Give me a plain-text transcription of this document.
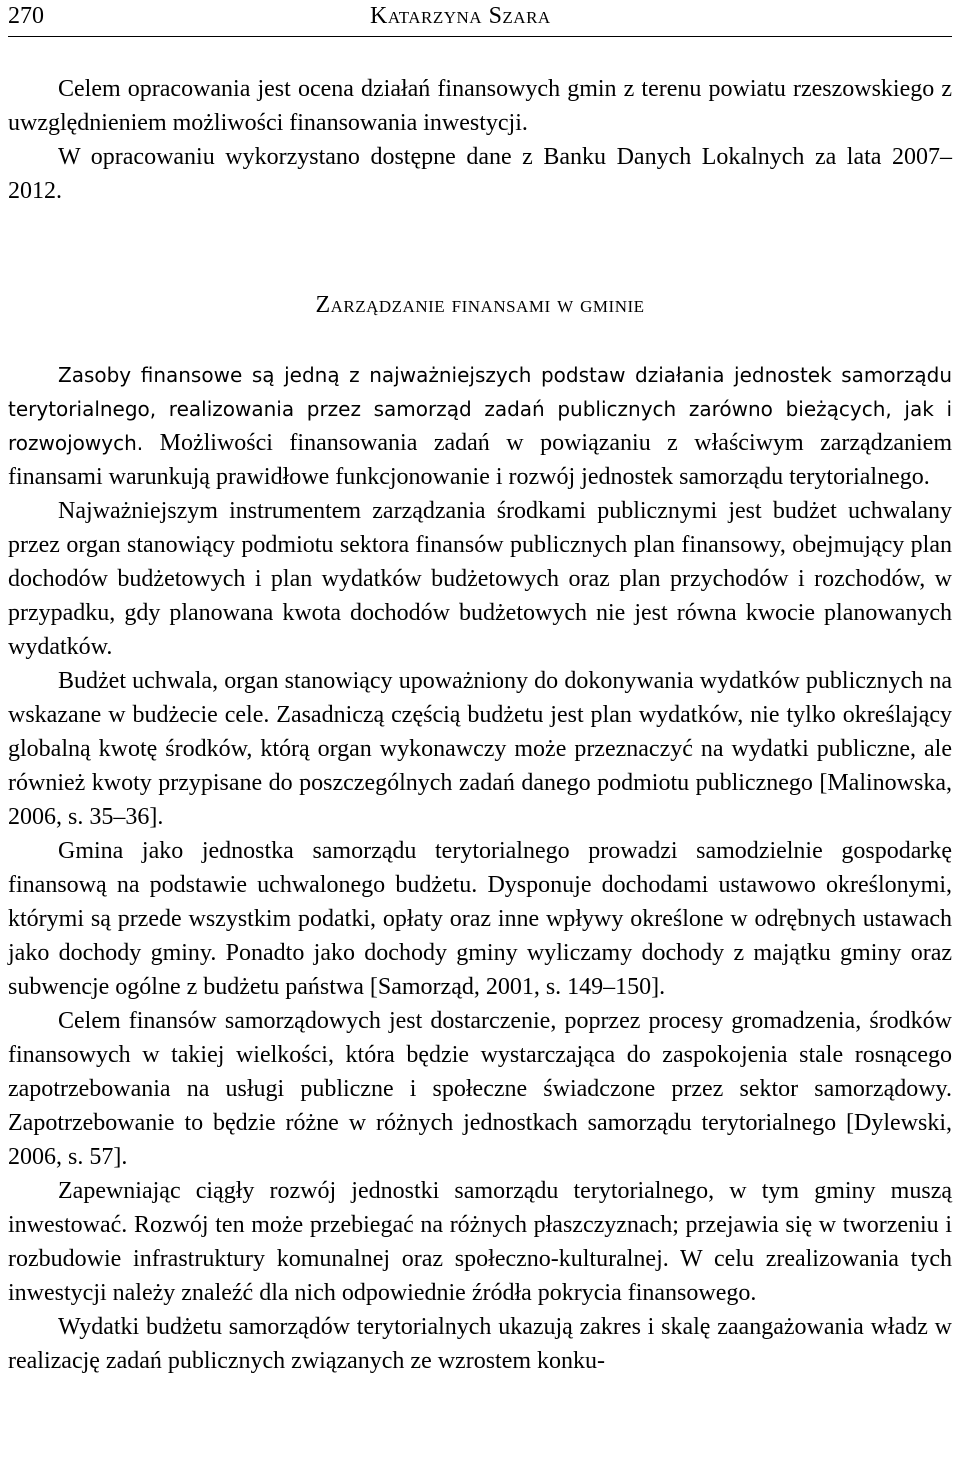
270	Katarzyna Szara

Celem opracowania jest ocena działań finansowych gmin z terenu powiatu rzeszowskiego z uwzględnieniem możliwości finansowania inwestycji.

W opracowaniu wykorzystano dostępne dane z Banku Danych Lokalnych za lata 2007–2012.

Zarządzanie finansami w gminie

Zasoby finansowe są jedną z najważniejszych podstaw działania jednostek samorządu terytorialnego, realizowania przez samorząd zadań publicznych zarówno bieżących, jak i rozwojowych. Możliwości finansowania zadań w powiązaniu z właściwym zarządzaniem finansami warunkują prawidłowe funkcjonowanie i rozwój jednostek samorządu terytorialnego.

Najważniejszym instrumentem zarządzania środkami publicznymi jest budżet uchwalany przez organ stanowiący podmiotu sektora finansów publicznych plan finansowy, obejmujący plan dochodów budżetowych i plan wydatków budżetowych oraz plan przychodów i rozchodów, w przypadku, gdy planowana kwota dochodów budżetowych nie jest równa kwocie planowanych wydatków.

Budżet uchwala, organ stanowiący upoważniony do dokonywania wydatków publicznych na wskazane w budżecie cele. Zasadniczą częścią budżetu jest plan wydatków, nie tylko określający globalną kwotę środków, którą organ wykonawczy może przeznaczyć na wydatki publiczne, ale również kwoty przypisane do poszczególnych zadań danego podmiotu publicznego [Malinowska, 2006, s. 35–36].

Gmina jako jednostka samorządu terytorialnego prowadzi samodzielnie gospodarkę finansową na podstawie uchwalonego budżetu. Dysponuje dochodami ustawowo określonymi, którymi są przede wszystkim podatki, opłaty oraz inne wpływy określone w odrębnych ustawach jako dochody gminy. Ponadto jako dochody gminy wyliczamy dochody z majątku gminy oraz subwencje ogólne z budżetu państwa [Samorząd, 2001, s. 149–150].

Celem finansów samorządowych jest dostarczenie, poprzez procesy gromadzenia, środków finansowych w takiej wielkości, która będzie wystarczająca do zaspokojenia stale rosnącego zapotrzebowania na usługi publiczne i społeczne świadczone przez sektor samorządowy. Zapotrzebowanie to będzie różne w różnych jednostkach samorządu terytorialnego [Dylewski, 2006, s. 57].

Zapewniając ciągły rozwój jednostki samorządu terytorialnego, w tym gminy muszą inwestować. Rozwój ten może przebiegać na różnych płaszczyznach; przejawia się w tworzeniu i rozbudowie infrastruktury komunalnej oraz społeczno-kulturalnej. W celu zrealizowania tych inwestycji należy znaleźć dla nich odpowiednie źródła pokrycia finansowego.

Wydatki budżetu samorządów terytorialnych ukazują zakres i skalę zaangażowania władz w realizację zadań publicznych związanych ze wzrostem konku-
